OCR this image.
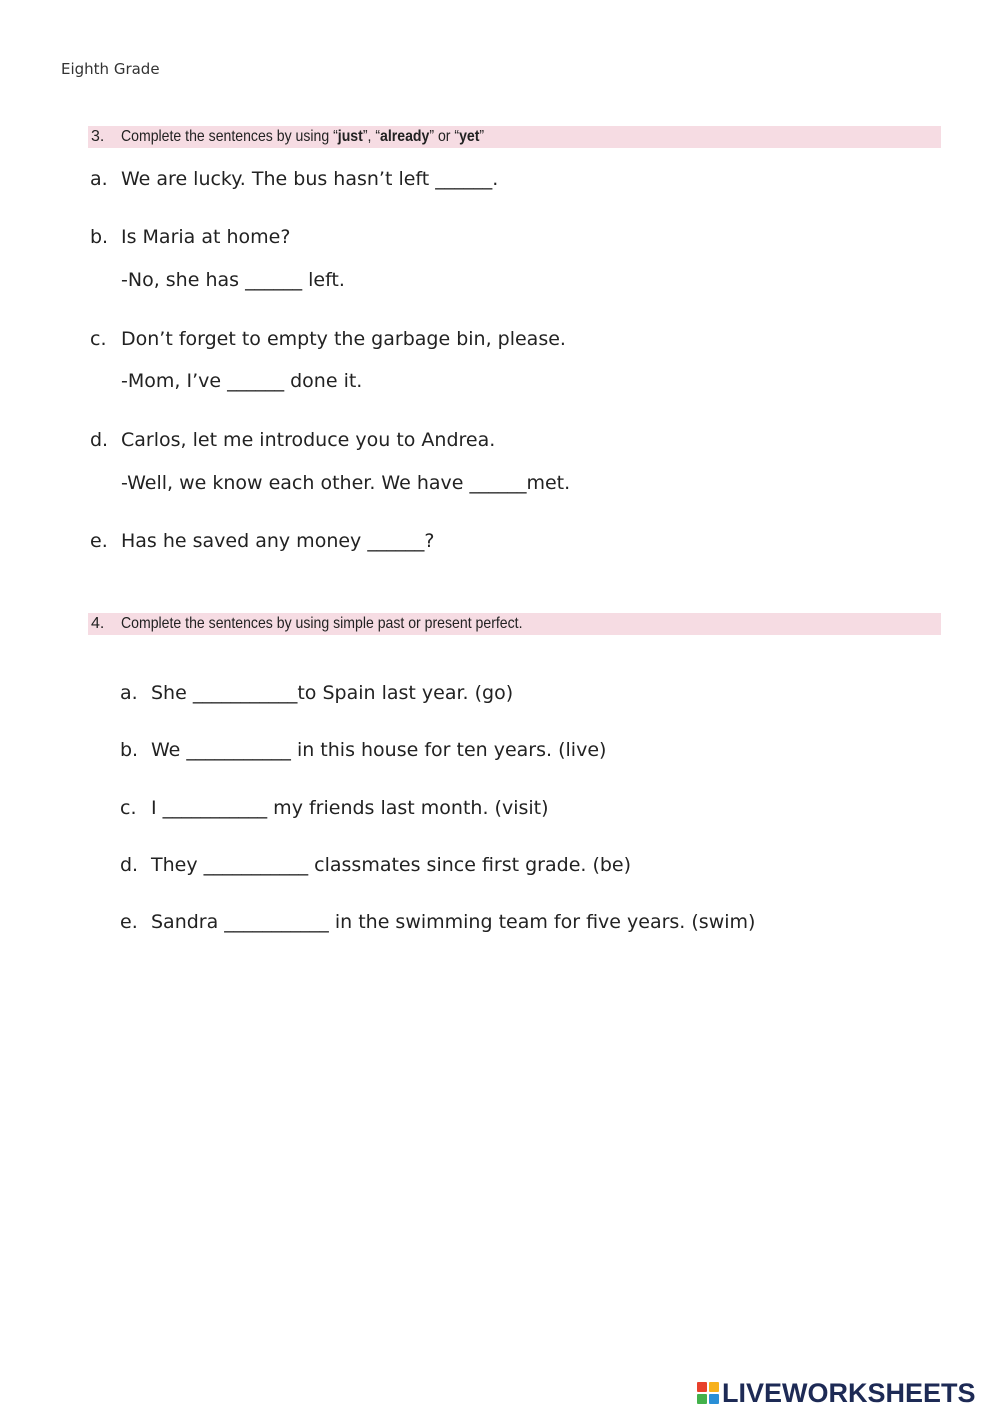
Eighth Grade
3. Complete the sentences by using “just”, “already” or “yet”
a. We are lucky. The bus hasn’t left ______.
b. Is Maria at home?
-No, she has ______ left.
c. Don’t forget to empty the garbage bin, please.
-Mom, I’ve ______ done it.
d. Carlos, let me introduce you to Andrea.
-Well, we know each other. We have ______met.
e. Has he saved any money ______?
4. Complete the sentences by using simple past or present perfect.
a. She ___________to Spain last year. (go)
b. We ___________ in this house for ten years. (live)
c. I ___________ my friends last month. (visit)
d. They ___________ classmates since first grade. (be)
e. Sandra ___________ in the swimming team for five years. (swim)
LIVEWORKSHEETS
